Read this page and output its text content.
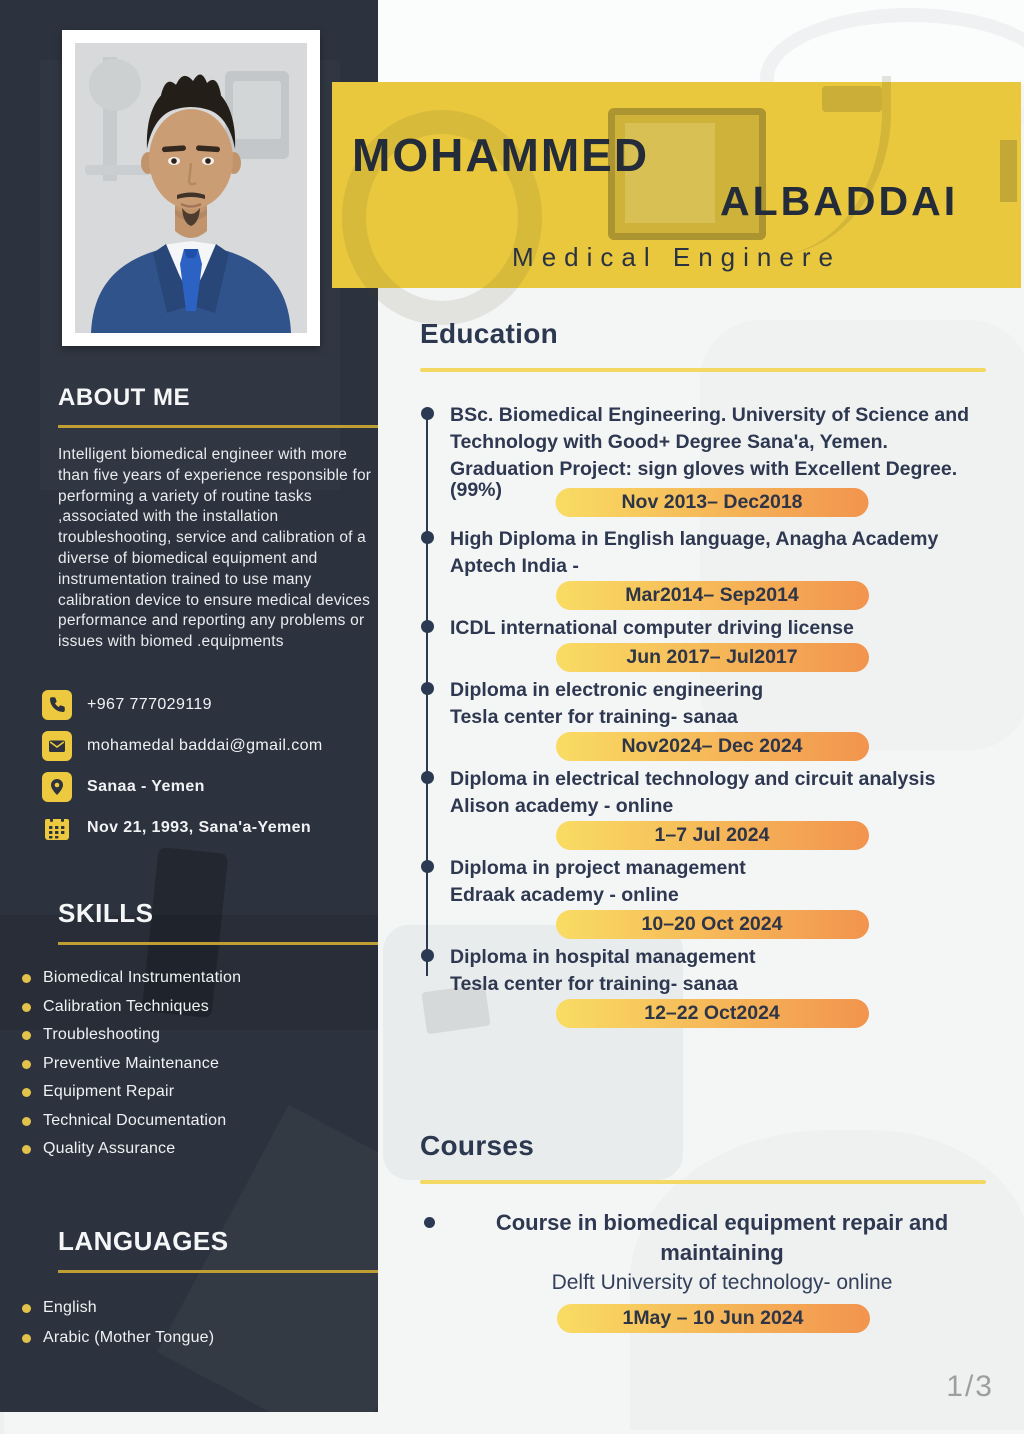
ABOUT ME

Intelligent biomedical engineer with more than five years of experience responsible for performing a variety of routine tasks ,associated with the installation troubleshooting, service and calibration of a diverse of biomedical equipment and instrumentation trained to use many calibration device to ensure medical devices performance and reporting any problems or issues with biomed .equipments

+967 777029119
mohamedal baddai@gmail.com
Sanaa - Yemen
Nov 21, 1993, Sana'a-Yemen
SKILLS
Biomedical Instrumentation
Calibration Techniques
Troubleshooting
Preventive Maintenance
Equipment Repair
Technical Documentation
Quality Assurance
LANGUAGES
English
Arabic (Mother Tongue)
MOHAMMED
ALBADDAI
Medical Enginere
Education
BSc. Biomedical Engineering. University of Science and
Technology with Good+ Degree Sana'a, Yemen.
Graduation Project: sign gloves with Excellent Degree.
(99%)
Nov 2013– Dec2018
High Diploma in English language, Anagha Academy
Aptech India -
Mar2014– Sep2014
ICDL international computer driving license
Jun 2017– Jul2017
Diploma in electronic engineering
Tesla center for training- sanaa
Nov2024– Dec 2024
Diploma in electrical technology and circuit analysis
Alison academy - online
1–7 Jul 2024
Diploma in project management
Edraak academy - online
10–20 Oct 2024
Diploma in hospital management
Tesla center for training- sanaa
12–22 Oct2024
Courses
Course in biomedical equipment repair and maintaining
Delft University of technology- online
1May – 10 Jun 2024
1/3
